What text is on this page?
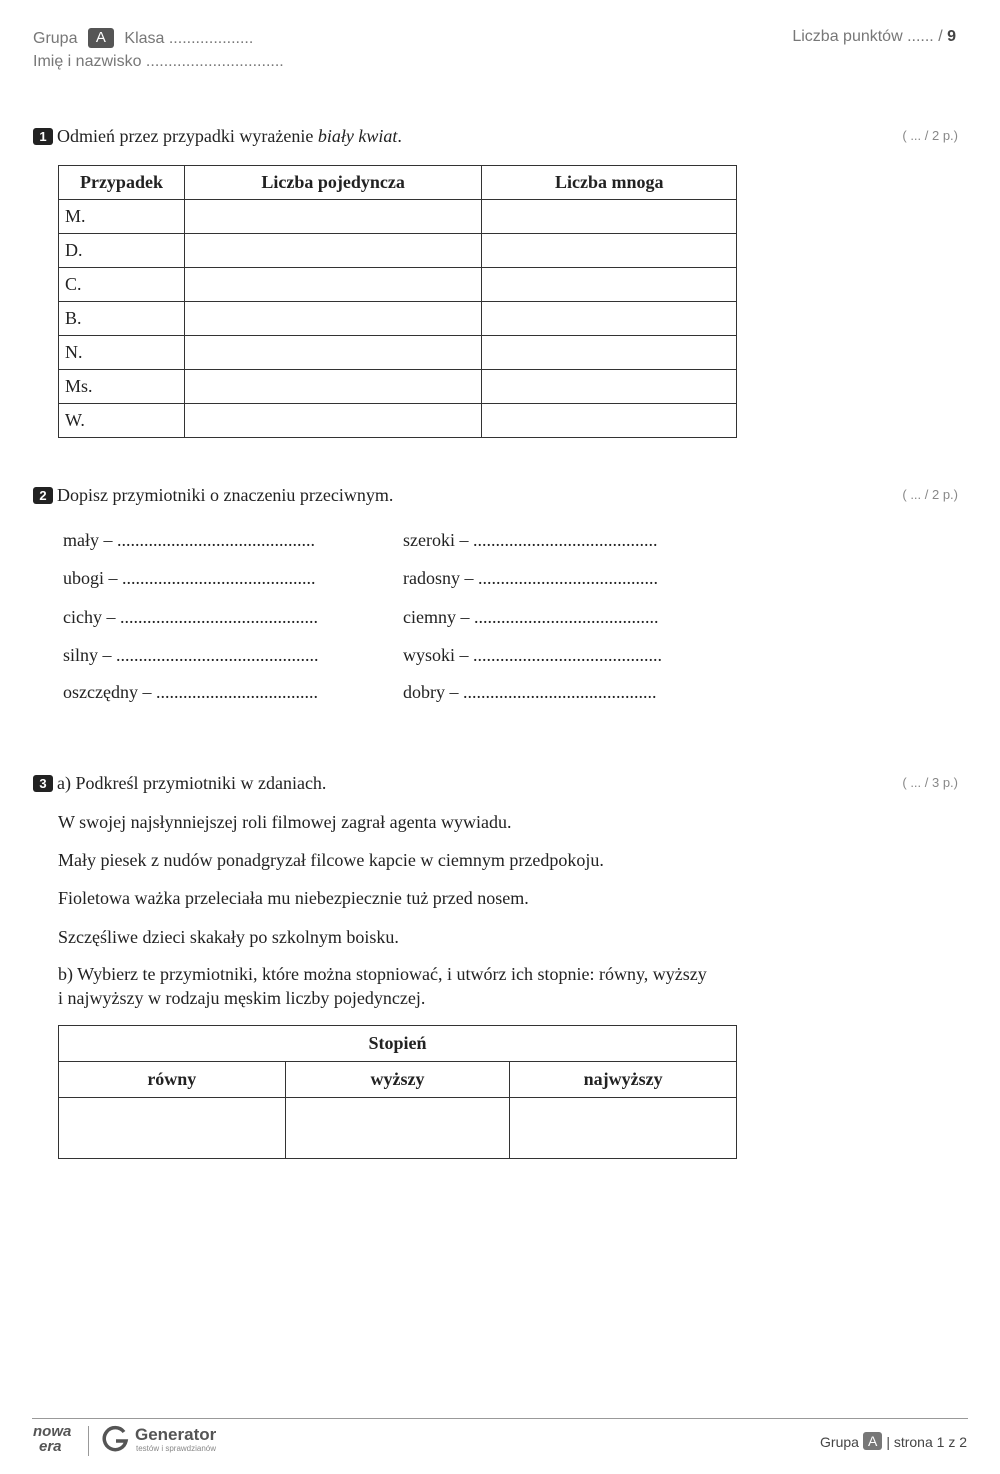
Grupa A Klasa ...................
Imię i nazwisko ...............................
Liczba punktów ...... / 9
1 Odmień przez przypadki wyrażenie biały kwiat.	( ... / 2 p.)
Przypadek	Liczba pojedyncza	Liczba mnoga
M.		
D.		
C.		
B.		
N.		
Ms.		
W.		
2 Dopisz przymiotniki o znaczeniu przeciwnym.	( ... / 2 p.)
mały – ............................................
ubogi – ...........................................
cichy – ............................................
silny – .............................................
oszczędny – ....................................
szeroki – .........................................
radosny – ........................................
ciemny – .........................................
wysoki – ..........................................
dobry – ...........................................
3 a) Podkreśl przymiotniki w zdaniach.	( ... / 3 p.)
W swojej najsłynniejszej roli filmowej zagrał agenta wywiadu.
Mały piesek z nudów ponadgryzał filcowe kapcie w ciemnym przedpokoju.
Fioletowa ważka przeleciała mu niebezpiecznie tuż przed nosem.
Szczęśliwe dzieci skakały po szkolnym boisku.
b) Wybierz te przymiotniki, które można stopniować, i utwórz ich stopnie: równy, wyższy
i najwyższy w rodzaju męskim liczby pojedynczej.
Stopień		
równy	wyższy	najwyższy

nowa
era
Generator
testów i sprawdzianów	Grupa A | strona 1 z 2
